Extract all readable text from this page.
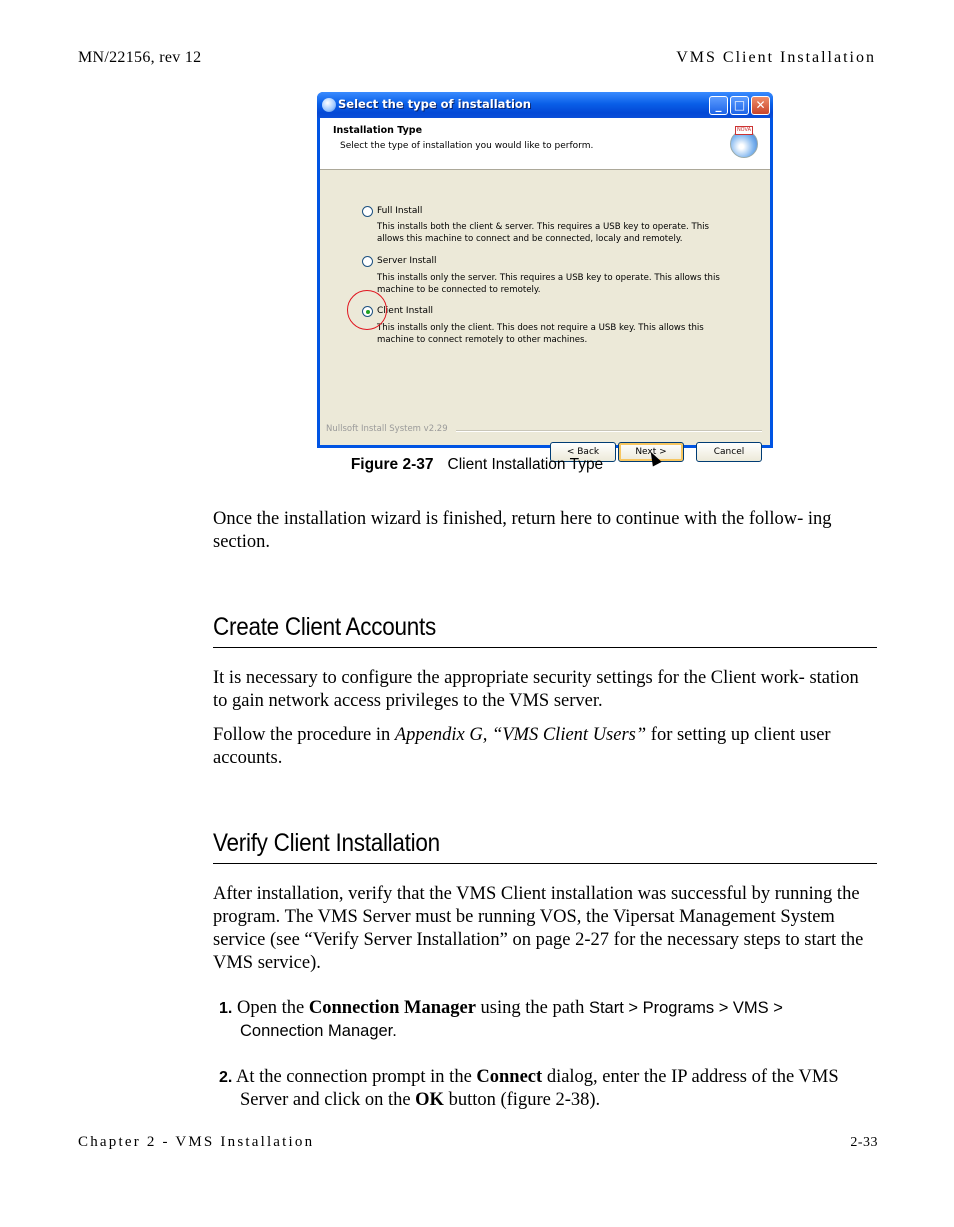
MN/22156, rev 12	VMS Client Installation
Select the type of installation	_	□ ✕
Installation Type
Select the type of installation you would like to perform.
NOVA
Full Install
This installs both the client & server. This requires a USB key to operate. This allows this machine to connect and be connected, localy and remotely.
Server Install
This installs only the server. This requires a USB key to operate. This allows this machine to be connected to remotely.
Client Install
This installs only the client. This does not require a USB key. This allows this machine to connect remotely to other machines.
Nullsoft Install System v2.29
< Back	Next >	Cancel
Figure 2-37 Client Installation Type
Once the installation wizard is finished, return here to continue with the follow- ing section.
Create Client Accounts
It is necessary to configure the appropriate security settings for the Client work- station to gain network access privileges to the VMS server.
Follow the procedure in Appendix G, “VMS Client Users” for setting up client user accounts.
Verify Client Installation
After installation, verify that the VMS Client installation was successful by running the program. The VMS Server must be running VOS, the Vipersat Management System service (see “Verify Server Installation” on page 2-27 for the necessary steps to start the VMS service).
1. Open the Connection Manager using the path Start > Programs > VMS > Connection Manager.
2. At the connection prompt in the Connect dialog, enter the IP address of the VMS Server and click on the OK button (figure 2-38).
Chapter 2 - VMS Installation	2-33
